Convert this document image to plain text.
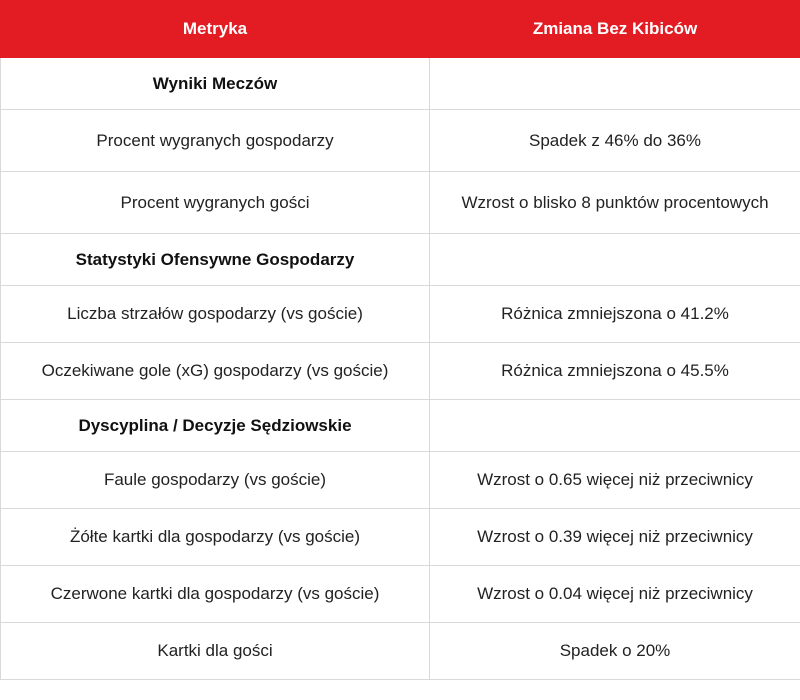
Metryka	Zmiana Bez Kibiców
Wyniki Meczów	
Procent wygranych gospodarzy	Spadek z 46% do 36%
Procent wygranych gości	Wzrost o blisko 8 punktów procentowych
Statystyki Ofensywne Gospodarzy	
Liczba strzałów gospodarzy (vs goście)	Różnica zmniejszona o 41.2%
Oczekiwane gole (xG) gospodarzy (vs goście)	Różnica zmniejszona o 45.5%
Dyscyplina / Decyzje Sędziowskie	
Faule gospodarzy (vs goście)	Wzrost o 0.65 więcej niż przeciwnicy
Żółte kartki dla gospodarzy (vs goście)	Wzrost o 0.39 więcej niż przeciwnicy
Czerwone kartki dla gospodarzy (vs goście)	Wzrost o 0.04 więcej niż przeciwnicy
Kartki dla gości	Spadek o 20%
